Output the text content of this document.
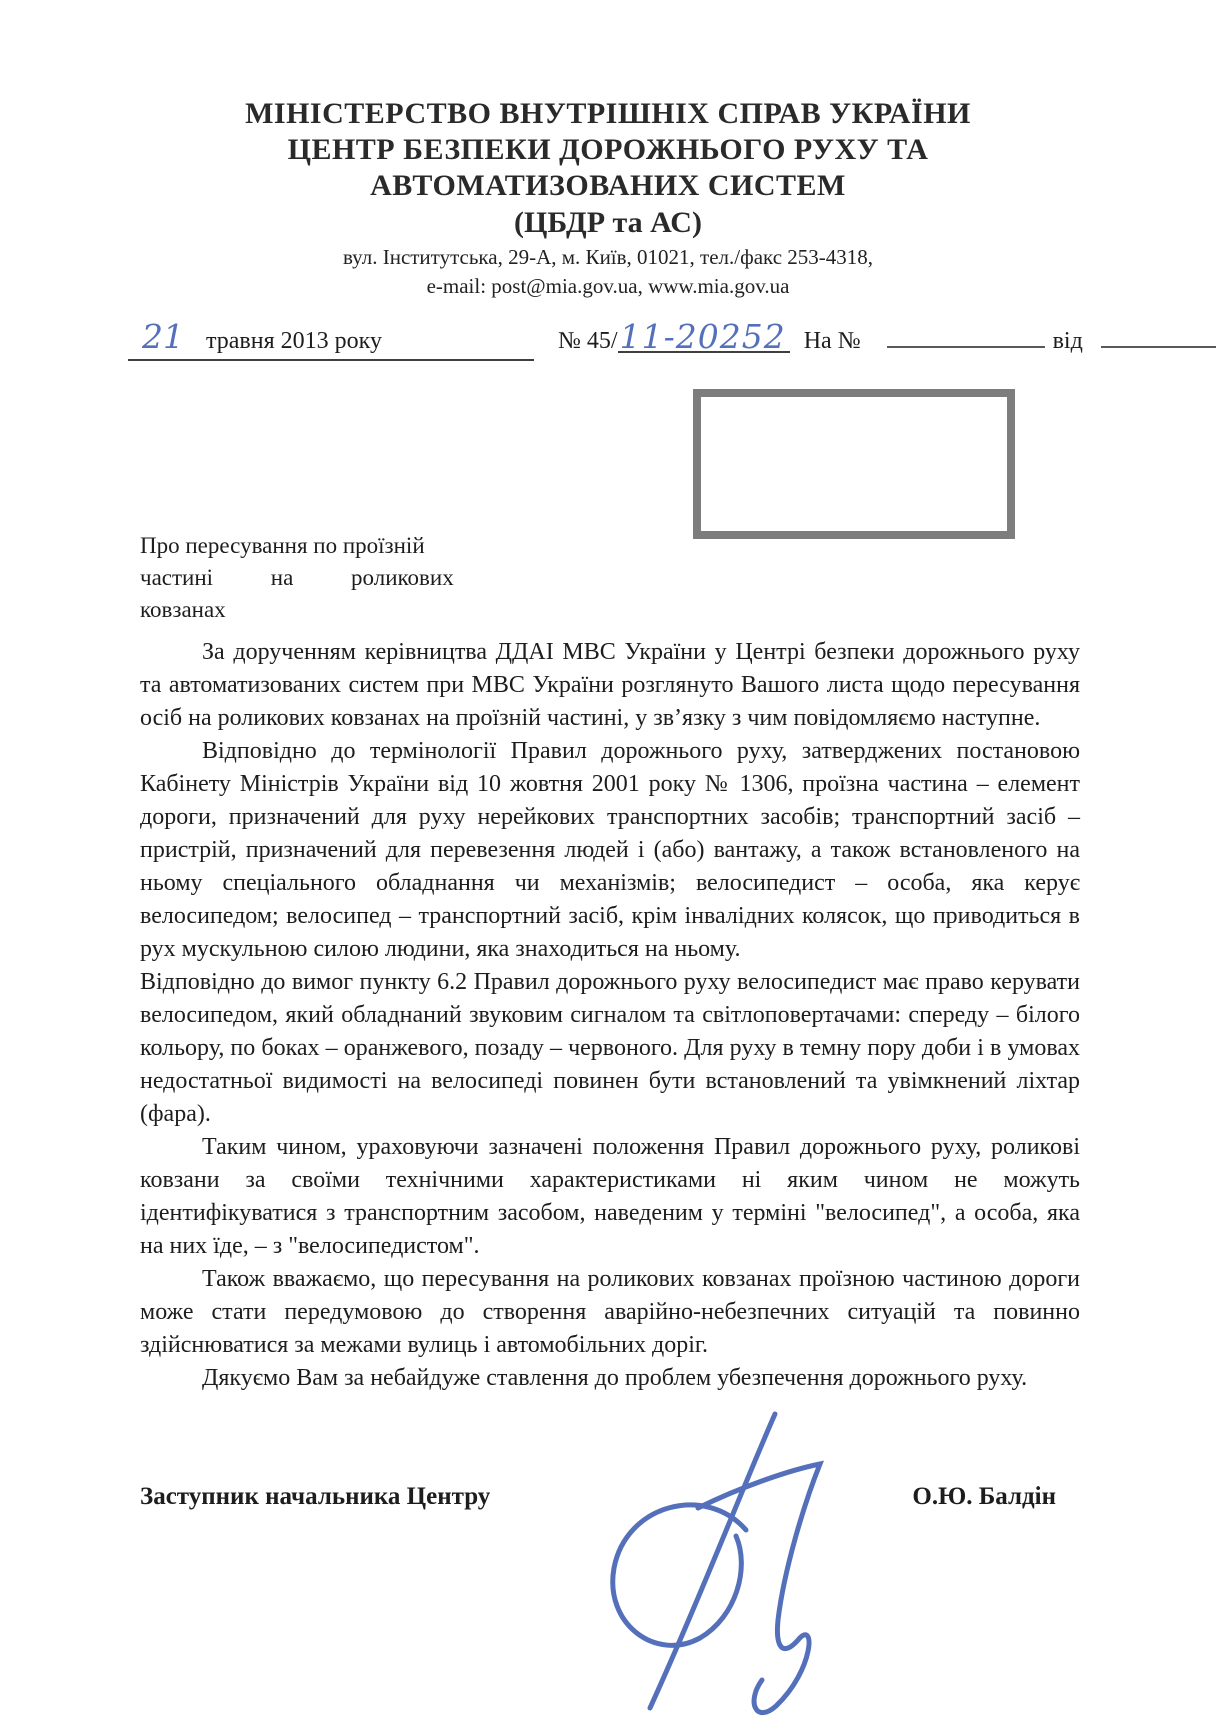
МІНІСТЕРСТВО ВНУТРІШНІХ СПРАВ УКРАЇНИ
ЦЕНТР БЕЗПЕКИ ДОРОЖНЬОГО РУХУ ТА
АВТОМАТИЗОВАНИХ СИСТЕМ
(ЦБДР та АС)
вул. Інститутська, 29-А, м. Київ, 01021, тел./факс 253-4318,
e-mail: post@mia.gov.ua, www.mia.gov.ua
21 травня 2013 року	№ 45/11-20252 На №	від
Про пересування по проїзній
частині на роликових
ковзанах

За дорученням керівництва ДДАІ МВС України у Центрі безпеки дорожнього руху та автоматизованих систем при МВС України розглянуто Вашого листа щодо пересування осіб на роликових ковзанах на проїзній частині, у зв’язку з чим повідомляємо наступне.

Відповідно до термінології Правил дорожнього руху, затверджених постановою Кабінету Міністрів України від 10 жовтня 2001 року № 1306, проїзна частина – елемент дороги, призначений для руху нерейкових транспортних засобів; транспортний засіб – пристрій, призначений для перевезення людей і (або) вантажу, а також встановленого на ньому спеціального обладнання чи механізмів; велосипедист – особа, яка керує велосипедом; велосипед – транспортний засіб, крім інвалідних колясок, що приводиться в рух мускульною силою людини, яка знаходиться на ньому.

Відповідно до вимог пункту 6.2 Правил дорожнього руху велосипедист має право керувати велосипедом, який обладнаний звуковим сигналом та світлоповертачами: спереду – білого кольору, по боках – оранжевого, позаду – червоного. Для руху в темну пору доби і в умовах недостатньої видимості на велосипеді повинен бути встановлений та увімкнений ліхтар (фара).

Таким чином, ураховуючи зазначені положення Правил дорожнього руху, роликові ковзани за своїми технічними характеристиками ні яким чином не можуть ідентифікуватися з транспортним засобом, наведеним у терміні "велосипед", а особа, яка на них їде, – з "велосипедистом".

Також вважаємо, що пересування на роликових ковзанах проїзною частиною дороги може стати передумовою до створення аварійно-небезпечних ситуацій та повинно здійснюватися за межами вулиць і автомобільних доріг.

Дякуємо Вам за небайдуже ставлення до проблем убезпечення дорожнього руху.

Заступник начальника Центру	О.Ю. Балдін
